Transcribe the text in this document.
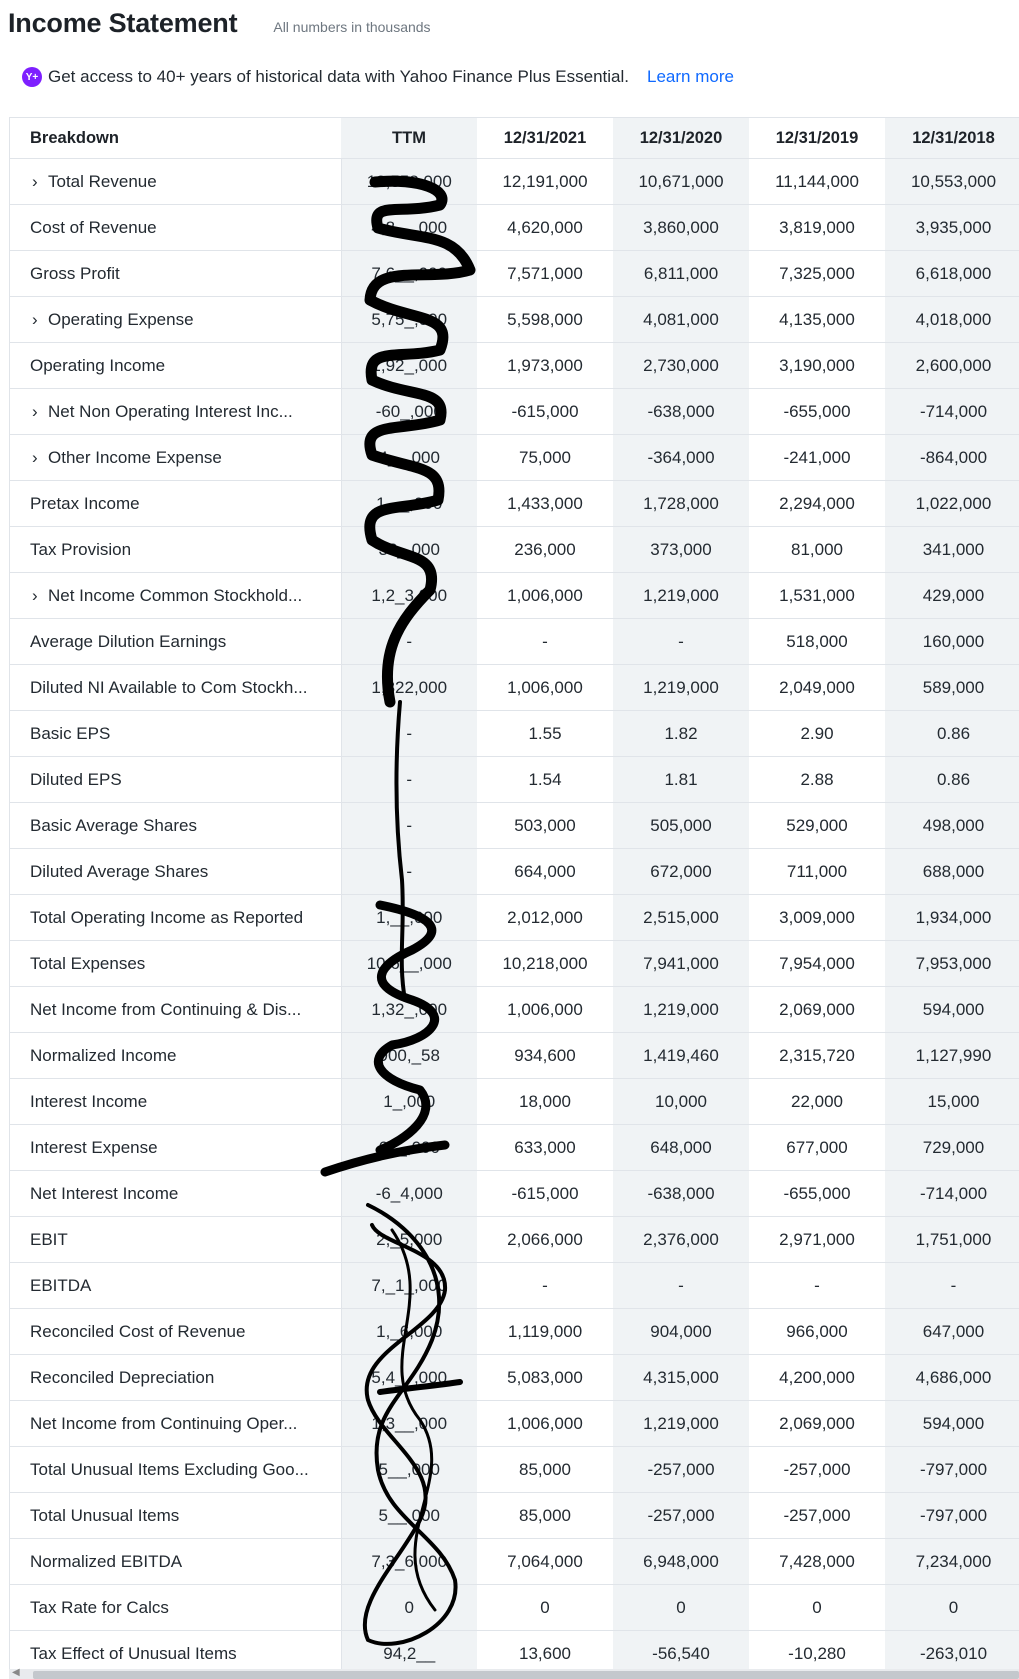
Income Statement	All numbers in thousands
Y+ Get access to 40+ years of historical data with Yahoo Finance Plus Essential. Learn more
Breakdown	TTM	12/31/2021	12/31/2020	12/31/2019	12/31/2018
› Total Revenue	12,558,000	12,191,000	10,671,000	11,144,000	10,553,000
Cost of Revenue	4,8__,000	4,620,000	3,860,000	3,819,000	3,935,000
Gross Profit	7,6__,000	7,571,000	6,811,000	7,325,000	6,618,000
› Operating Expense	5,75_,000	5,598,000	4,081,000	4,135,000	4,018,000
Operating Income	1,92_,000	1,973,000	2,730,000	3,190,000	2,600,000
› Net Non Operating Interest Inc...	-60_,000	-615,000	-638,000	-655,000	-714,000
› Other Income Expense	4__,000	75,000	-364,000	-241,000	-864,000
Pretax Income	1,__,000	1,433,000	1,728,000	2,294,000	1,022,000
Tax Provision	33_,000	236,000	373,000	81,000	341,000
› Net Income Common Stockhold...	1,2_3,000	1,006,000	1,219,000	1,531,000	429,000
Average Dilution Earnings	-	-	-	518,000	160,000
Diluted NI Available to Com Stockh...	1,322,000	1,006,000	1,219,000	2,049,000	589,000
Basic EPS	-	1.55	1.82	2.90	0.86
Diluted EPS	-	1.54	1.81	2.88	0.86
Basic Average Shares	-	503,000	505,000	529,000	498,000
Diluted Average Shares	-	664,000	672,000	711,000	688,000
Total Operating Income as Reported	1,__,000	2,012,000	2,515,000	3,009,000	1,934,000
Total Expenses	10,6__,000	10,218,000	7,941,000	7,954,000	7,953,000
Net Income from Continuing & Dis...	1,32_,000	1,006,000	1,219,000	2,069,000	594,000
Normalized Income	900,_58	934,600	1,419,460	2,315,720	1,127,990
Interest Income	1_,000	18,000	10,000	22,000	15,000
Interest Expense	6__,000	633,000	648,000	677,000	729,000
Net Interest Income	-6_4,000	-615,000	-638,000	-655,000	-714,000
EBIT	2,_5,000	2,066,000	2,376,000	2,971,000	1,751,000
EBITDA	7,_1_,000	-	-	-	-
Reconciled Cost of Revenue	1,_6,000	1,119,000	904,000	966,000	647,000
Reconciled Depreciation	5,4__,000	5,083,000	4,315,000	4,200,000	4,686,000
Net Income from Continuing Oper...	1,3__,000	1,006,000	1,219,000	2,069,000	594,000
Total Unusual Items Excluding Goo...	5__,000	85,000	-257,000	-257,000	-797,000
Total Unusual Items	5__,000	85,000	-257,000	-257,000	-797,000
Normalized EBITDA	7,3_6,000	7,064,000	6,948,000	7,428,000	7,234,000
Tax Rate for Calcs	0	0	0	0	0
Tax Effect of Unusual Items	94,2__	13,600	-56,540	-10,280	-263,010
◀
